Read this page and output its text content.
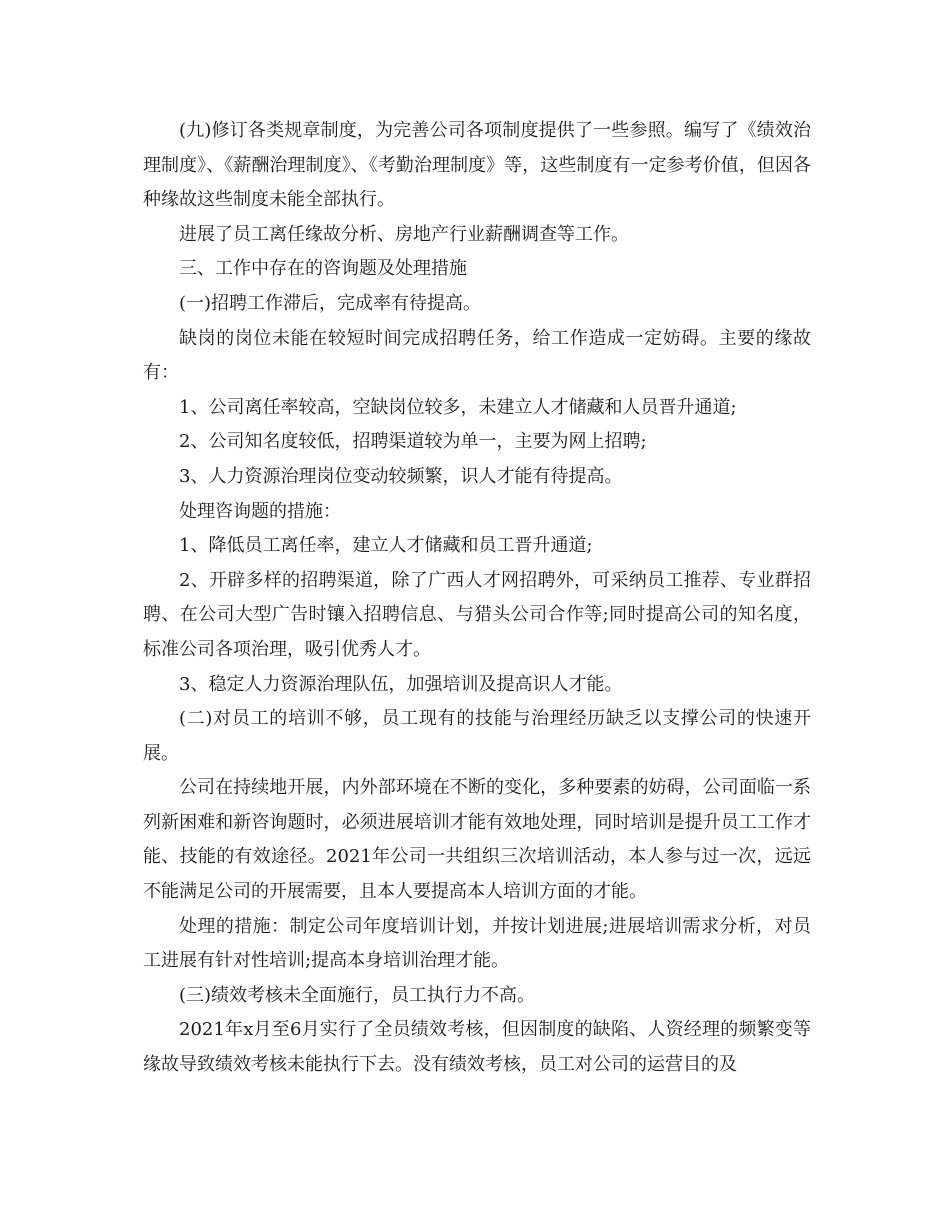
(九)修订各类规章制度，为完善公司各项制度提供了一些参照。编写了《绩效治理制度》、《薪酬治理制度》、《考勤治理制度》等，这些制度有一定参考价值，但因各种缘故这些制度未能全部执行。

进展了员工离任缘故分析、房地产行业薪酬调查等工作。

三、工作中存在的咨询题及处理措施

(一)招聘工作滞后，完成率有待提高。

缺岗的岗位未能在较短时间完成招聘任务，给工作造成一定妨碍。主要的缘故有：

1、公司离任率较高，空缺岗位较多，未建立人才储藏和人员晋升通道;

2、公司知名度较低，招聘渠道较为单一，主要为网上招聘;

3、人力资源治理岗位变动较频繁，识人才能有待提高。

处理咨询题的措施：

1、降低员工离任率，建立人才储藏和员工晋升通道;

2、开辟多样的招聘渠道，除了广西人才网招聘外，可采纳员工推荐、专业群招聘、在公司大型广告时镶入招聘信息、与猎头公司合作等;同时提高公司的知名度，标准公司各项治理，吸引优秀人才。

3、稳定人力资源治理队伍，加强培训及提高识人才能。

(二)对员工的培训不够，员工现有的技能与治理经历缺乏以支撑公司的快速开展。

公司在持续地开展，内外部环境在不断的变化，多种要素的妨碍，公司面临一系列新困难和新咨询题时，必须进展培训才能有效地处理，同时培训是提升员工工作才能、技能的有效途径。2021年公司一共组织三次培训活动，本人参与过一次，远远不能满足公司的开展需要，且本人要提高本人培训方面的才能。

处理的措施：制定公司年度培训计划，并按计划进展;进展培训需求分析，对员工进展有针对性培训;提高本身培训治理才能。

(三)绩效考核未全面施行，员工执行力不高。

2021年x月至6月实行了全员绩效考核，但因制度的缺陷、人资经理的频繁变等缘故导致绩效考核未能执行下去。没有绩效考核，员工对公司的运营目的及
